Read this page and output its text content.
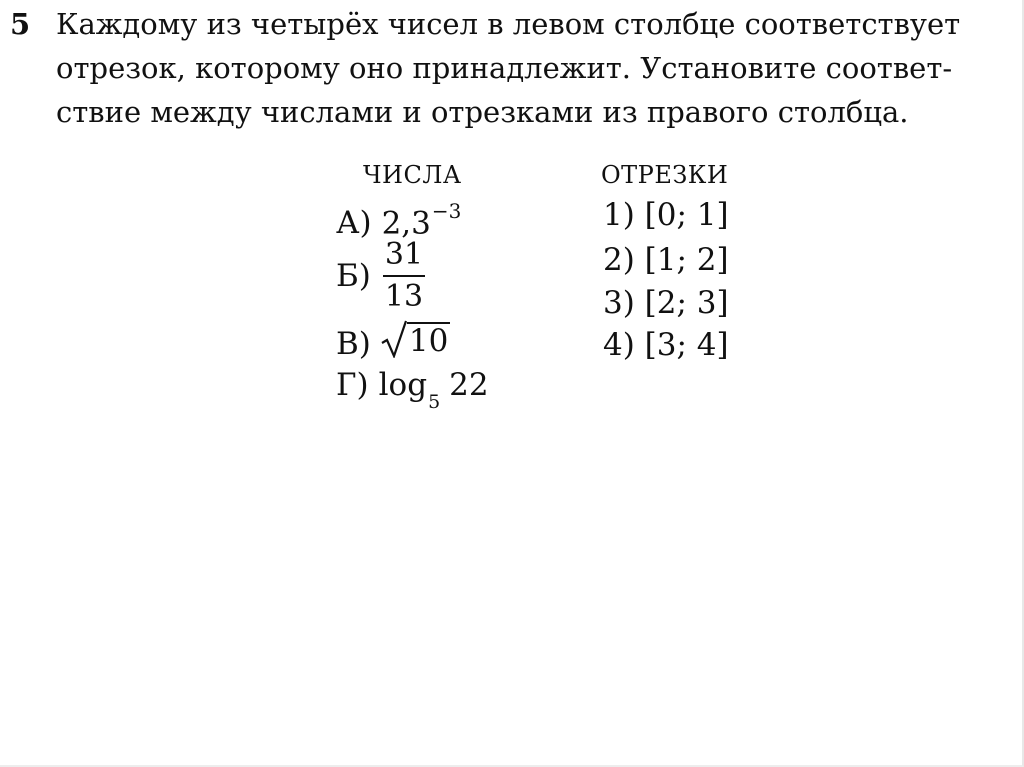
5 Каждому из четырёх чисел в левом столбце соответствует
отрезок, которому оно принадлежит. Установите соответ-
ствие между числами и отрезками из правого столбца.
ЧИСЛА	ОТРЕЗКИ
А) $2,3^{-3}$
$Б) \frac{31}{13}$
В) 10
Г) $\log_5 22$
1) [0; 1]
2) [1; 2]
3) [2; 3]
4) [3; 4]
